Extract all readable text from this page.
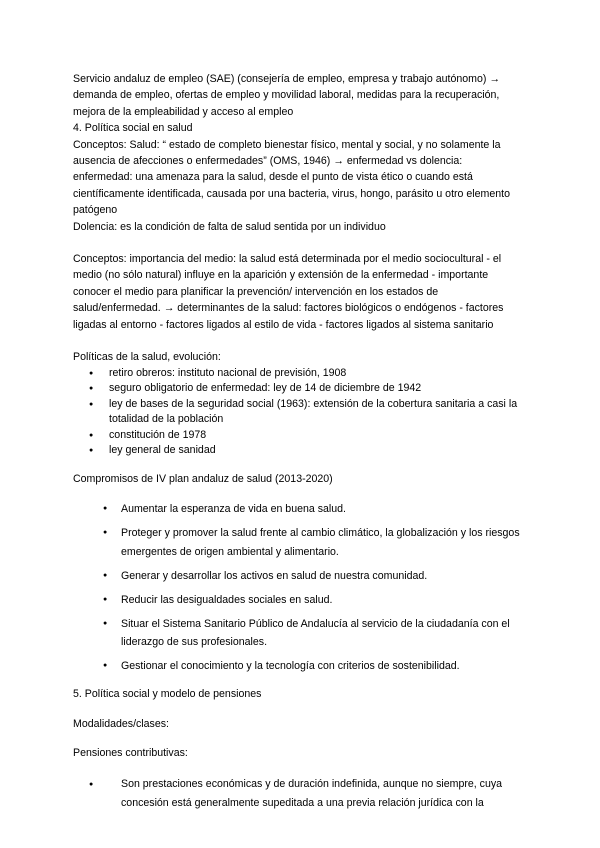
Servicio andaluz de empleo (SAE) (consejería de empleo, empresa y trabajo autónomo) → demanda de empleo, ofertas de empleo y movilidad laboral, medidas para la recuperación, mejora de la empleabilidad y acceso al empleo

4. Política social en salud

Conceptos: Salud: “ estado de completo bienestar físico, mental y social, y no solamente la ausencia de afecciones o enfermedades” (OMS, 1946) → enfermedad vs dolencia:

enfermedad: una amenaza para la salud, desde el punto de vista ético o cuando está científicamente identificada, causada por una bacteria, virus, hongo, parásito u otro elemento patógeno

Dolencia: es la condición de falta de salud sentida por un individuo

Conceptos: importancia del medio: la salud está determinada por el medio sociocultural - el medio (no sólo natural) influye en la aparición y extensión de la enfermedad - importante conocer el medio para planificar la prevención/ intervención en los estados de salud/enfermedad. → determinantes de la salud: factores biológicos o endógenos - factores ligadas al entorno - factores ligados al estilo de vida - factores ligados al sistema sanitario

Políticas de la salud, evolución:

● retiro obreros: instituto nacional de previsión, 1908
● seguro obligatorio de enfermedad: ley de 14 de diciembre de 1942
● ley de bases de la seguridad social (1963): extensión de la cobertura sanitaria a casi la totalidad de la población
● constitución de 1978
● ley general de sanidad

Compromisos de IV plan andaluz de salud (2013-2020)

● Aumentar la esperanza de vida en buena salud.
● Proteger y promover la salud frente al cambio climático, la globalización y los riesgos emergentes de origen ambiental y alimentario.
● Generar y desarrollar los activos en salud de nuestra comunidad.
● Reducir las desigualdades sociales en salud.
● Situar el Sistema Sanitario Público de Andalucía al servicio de la ciudadanía con el liderazgo de sus profesionales.
● Gestionar el conocimiento y la tecnología con criterios de sostenibilidad.

5. Política social y modelo de pensiones

Modalidades/clases:

Pensiones contributivas:

● Son prestaciones económicas y de duración indefinida, aunque no siempre, cuya concesión está generalmente supeditada a una previa relación jurídica con la
